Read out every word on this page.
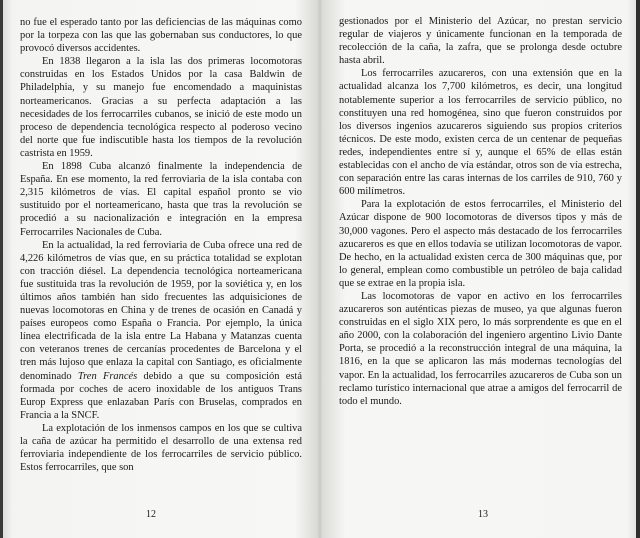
no fue el esperado tanto por las deficiencias de las máquinas como por la torpeza con las que las gobernaban sus conductores, lo que provocó diversos accidentes.

En 1838 llegaron a la isla las dos primeras locomotoras construidas en los Estados Unidos por la casa Baldwin de Philadelphia, y su manejo fue encomendado a maquinistas norteamericanos. Gracias a su perfecta adaptación a las necesidades de los ferrocarriles cubanos, se inició de este modo un proceso de dependencia tecnológica respecto al poderoso vecino del norte que fue indiscutible hasta los tiempos de la revolución castrista en 1959.

En 1898 Cuba alcanzó finalmente la independencia de España. En ese momento, la red ferroviaria de la isla contaba con 2,315 kilómetros de vías. El capital español pronto se vio sustituido por el norteamericano, hasta que tras la revolución se procedió a su nacionalización e integración en la empresa Ferrocarriles Nacionales de Cuba.

En la actualidad, la red ferroviaria de Cuba ofrece una red de 4,226 kilómetros de vías que, en su práctica totalidad se explotan con tracción diésel. La dependencia tecnológica norteamericana fue sustituida tras la revolución de 1959, por la soviética y, en los últimos años también han sido frecuentes las adquisiciones de nuevas locomotoras en China y de trenes de ocasión en Canadá y países europeos como España o Francia. Por ejemplo, la única línea electrificada de la isla entre La Habana y Matanzas cuenta con veteranos trenes de cercanías procedentes de Barcelona y el tren más lujoso que enlaza la capital con Santiago, es oficialmente denominado Tren Francés debido a que su composición está formada por coches de acero inoxidable de los antiguos Trans Europ Express que enlazaban París con Bruselas, comprados en Francia a la SNCF.

La explotación de los inmensos campos en los que se cultiva la caña de azúcar ha permitido el desarrollo de una extensa red ferroviaria independiente de los ferrocarriles de servicio público. Estos ferrocarriles, que son

12

gestionados por el Ministerio del Azúcar, no prestan servicio regular de viajeros y únicamente funcionan en la temporada de recolección de la caña, la zafra, que se prolonga desde octubre hasta abril.

Los ferrocarriles azucareros, con una extensión que en la actualidad alcanza los 7,700 kilómetros, es decir, una longitud notablemente superior a los ferrocarriles de servicio público, no constituyen una red homogénea, sino que fueron construidos por los diversos ingenios azucareros siguiendo sus propios criterios técnicos. De este modo, existen cerca de un centenar de pequeñas redes, independientes entre sí y, aunque el 65% de ellas están establecidas con el ancho de vía estándar, otros son de vía estrecha, con separación entre las caras internas de los carriles de 910, 760 y 600 milímetros.

Para la explotación de estos ferrocarriles, el Ministerio del Azúcar dispone de 900 locomotoras de diversos tipos y más de 30,000 vagones. Pero el aspecto más destacado de los ferrocarriles azucareros es que en ellos todavía se utilizan locomotoras de vapor. De hecho, en la actualidad existen cerca de 300 máquinas que, por lo general, emplean como combustible un petróleo de baja calidad que se extrae en la propia isla.

Las locomotoras de vapor en activo en los ferrocarriles azucareros son auténticas piezas de museo, ya que algunas fueron construidas en el siglo XIX pero, lo más sorprendente es que en el año 2000, con la colaboración del ingeniero argentino Livio Dante Porta, se procedió a la reconstrucción integral de una máquina, la 1816, en la que se aplicaron las más modernas tecnologías del vapor. En la actualidad, los ferrocarriles azucareros de Cuba son un reclamo turístico internacional que atrae a amigos del ferrocarril de todo el mundo.

13
